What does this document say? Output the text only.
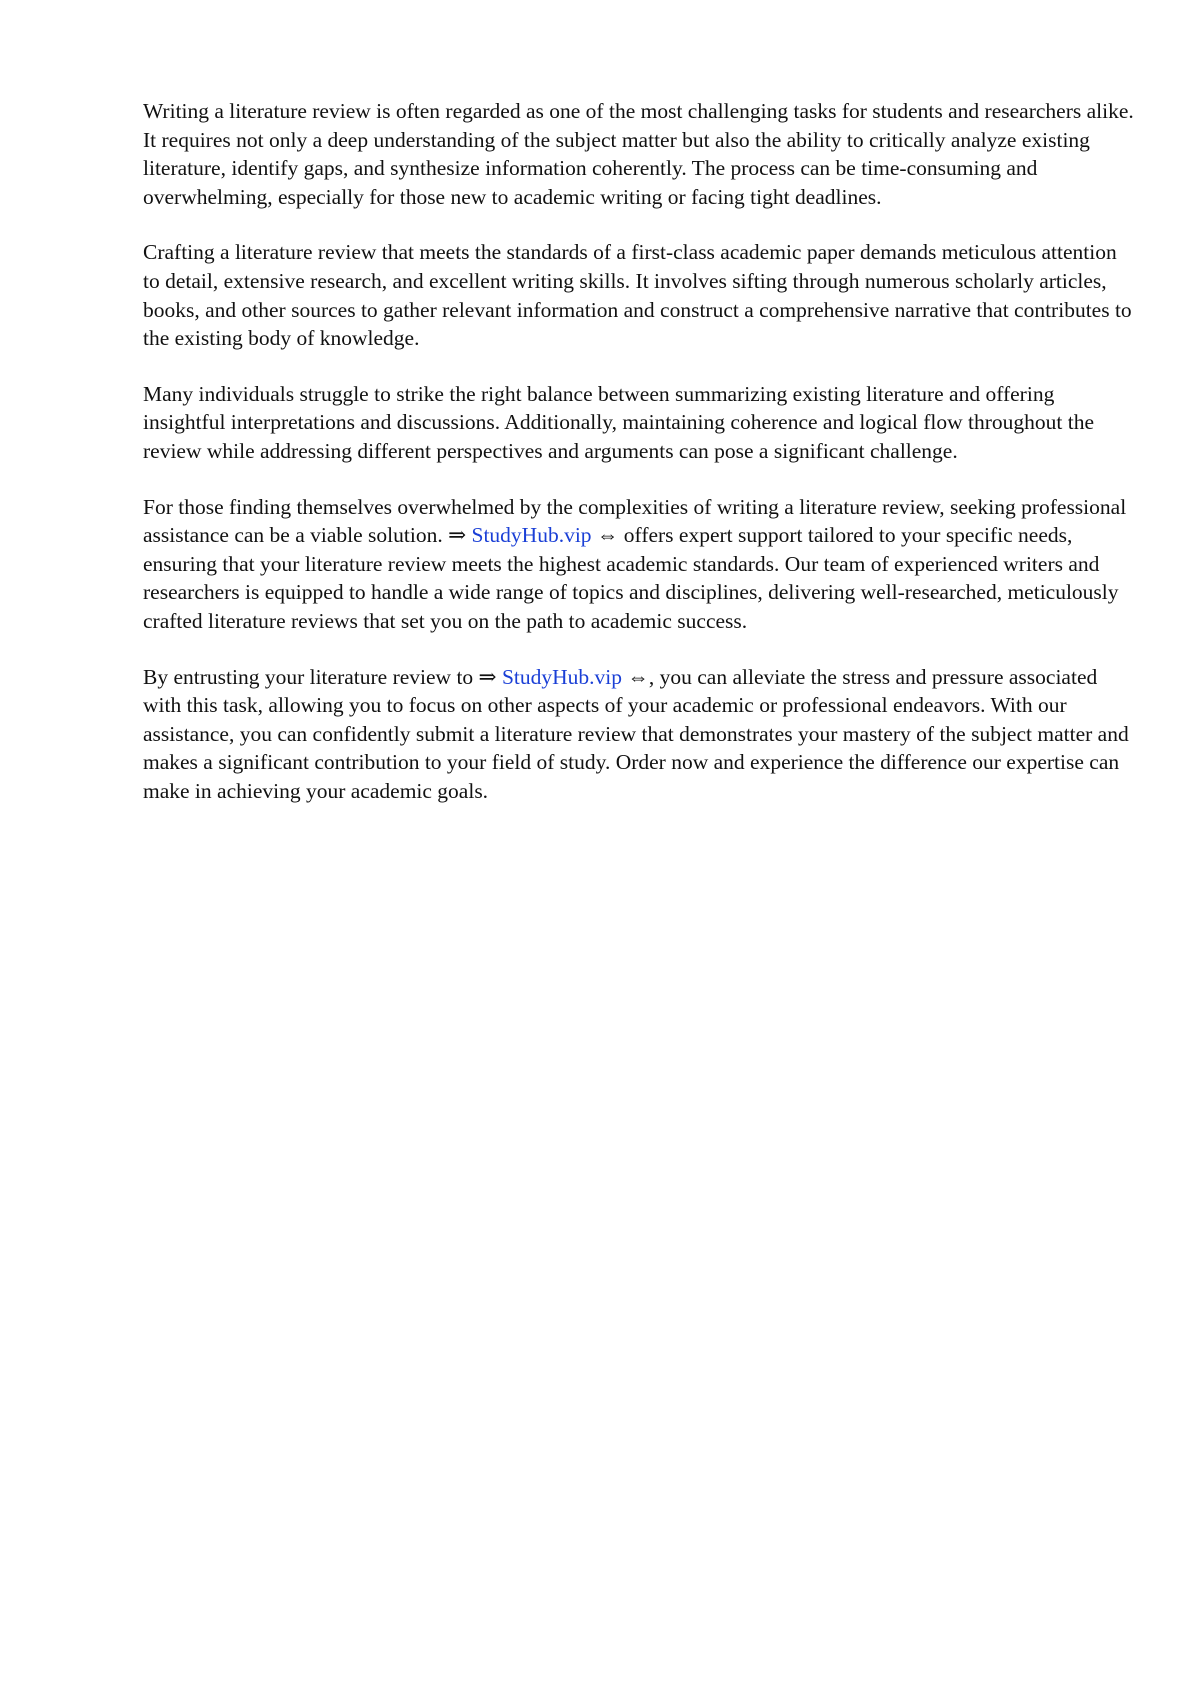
Writing a literature review is often regarded as one of the most challenging tasks for students and researchers alike. It requires not only a deep understanding of the subject matter but also the ability to critically analyze existing literature, identify gaps, and synthesize information coherently. The process can be time-consuming and overwhelming, especially for those new to academic writing or facing tight deadlines.

Crafting a literature review that meets the standards of a first-class academic paper demands meticulous attention to detail, extensive research, and excellent writing skills. It involves sifting through numerous scholarly articles, books, and other sources to gather relevant information and construct a comprehensive narrative that contributes to the existing body of knowledge.

Many individuals struggle to strike the right balance between summarizing existing literature and offering insightful interpretations and discussions. Additionally, maintaining coherence and logical flow throughout the review while addressing different perspectives and arguments can pose a significant challenge.

For those finding themselves overwhelmed by the complexities of writing a literature review, seeking professional assistance can be a viable solution. ⇒ StudyHub.vip ⇔ offers expert support tailored to your specific needs, ensuring that your literature review meets the highest academic standards. Our team of experienced writers and researchers is equipped to handle a wide range of topics and disciplines, delivering well-researched, meticulously crafted literature reviews that set you on the path to academic success.

By entrusting your literature review to ⇒ StudyHub.vip ⇔, you can alleviate the stress and pressure associated with this task, allowing you to focus on other aspects of your academic or professional endeavors. With our assistance, you can confidently submit a literature review that demonstrates your mastery of the subject matter and makes a significant contribution to your field of study. Order now and experience the difference our expertise can make in achieving your academic goals.
